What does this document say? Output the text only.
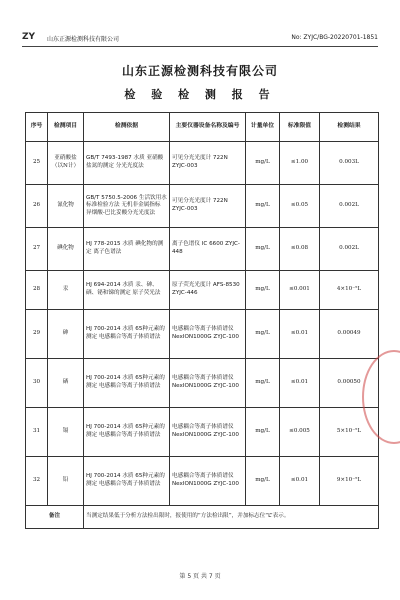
ZY 山东正源检测科技有限公司	No: ZYJC/BG-20220701-1851
山东正源检测科技有限公司
检 验 检 测 报 告
序号	检测项目	检测依据	主要仪器设备名称及编号	计量单位	标准限值	检测结果
25	亚硝酸盐（以N计）	GB/T 7493-1987 水质 亚硝酸盐氮的测定 分光光度法	可见分光光度计 722N ZYJC-003	mg/L	≤1.00	0.003L
26	氰化物	GB/T 5750.5-2006 生活饮用水标准检验方法 无机非金属指标 异烟酸-巴比妥酸分光光度法	可见分光光度计 722N ZYJC-003	mg/L	≤0.05	0.002L
27	碘化物	HJ 778-2015 水质 碘化物的测定 离子色谱法	离子色谱仪 IC 6600 ZYJC-448	mg/L	≤0.08	0.002L
28	汞	HJ 694-2014 水质 汞、砷、硒、铋和锑的测定 原子荧光法	原子荧光光度计 AFS-8530 ZYJC-446	mg/L	≤0.001	4×10⁻⁵L
29	砷	HJ 700-2014 水质 65种元素的测定 电感耦合等离子体质谱法	电感耦合等离子体质谱仪 NexION1000G ZYJC-100	mg/L	≤0.01	0.00049
30	硒	HJ 700-2014 水质 65种元素的测定 电感耦合等离子体质谱法	电感耦合等离子体质谱仪 NexION1000G ZYJC-100	mg/L	≤0.01	0.00050
31	镉	HJ 700-2014 水质 65种元素的测定 电感耦合等离子体质谱法	电感耦合等离子体质谱仪 NexION1000G ZYJC-100	mg/L	≤0.005	5×10⁻⁵L
32	铅	HJ 700-2014 水质 65种元素的测定 电感耦合等离子体质谱法	电感耦合等离子体质谱仪 NexION1000G ZYJC-100	mg/L	≤0.01	9×10⁻⁵L
备注		当测定结果低于分析方法检出限时，报使用的“方法检出限”，并加标志位“L”表示。				
第 5 页 共 7 页
